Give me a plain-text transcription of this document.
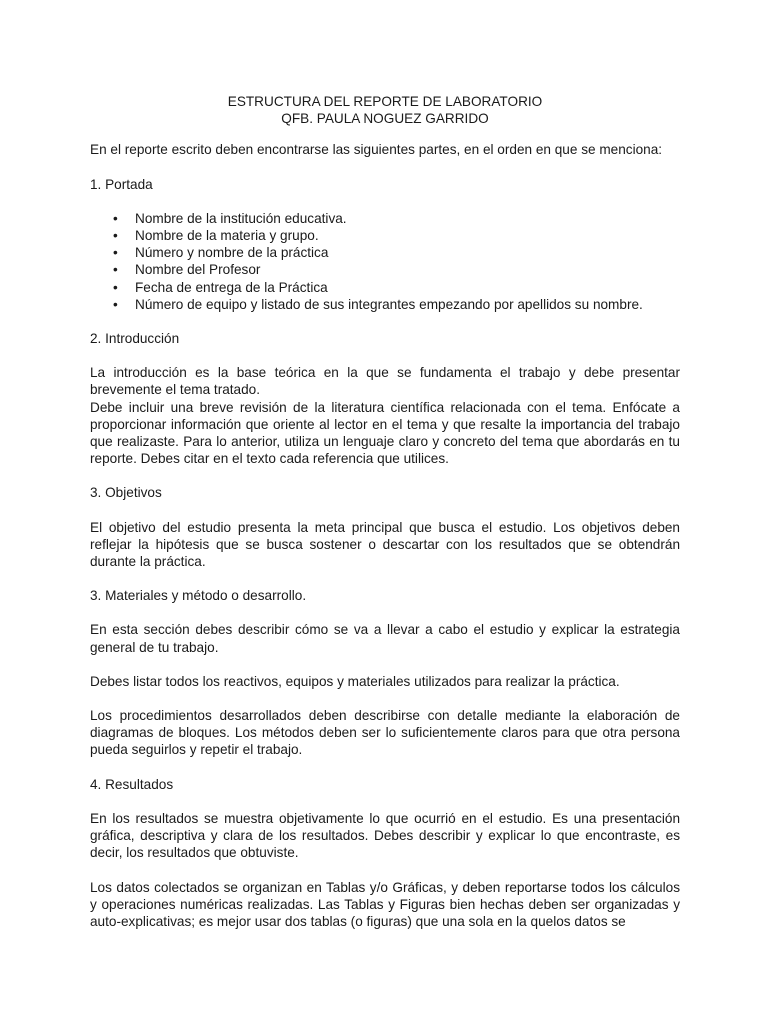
ESTRUCTURA DEL REPORTE DE LABORATORIO
QFB. PAULA NOGUEZ GARRIDO

En el reporte escrito deben encontrarse las siguientes partes, en el orden en que se menciona:

1. Portada

• Nombre de la institución educativa.
• Nombre de la materia y grupo.
• Número y nombre de la práctica
• Nombre del Profesor
• Fecha de entrega de la Práctica
• Número de equipo y listado de sus integrantes empezando por apellidos su nombre.

2. Introducción

La introducción es la base teórica en la que se fundamenta el trabajo y debe presentar brevemente el tema tratado.

Debe incluir una breve revisión de la literatura científica relacionada con el tema. Enfócate a proporcionar información que oriente al lector en el tema y que resalte la importancia del trabajo que realizaste. Para lo anterior, utiliza un lenguaje claro y concreto del tema que abordarás en tu reporte. Debes citar en el texto cada referencia que utilices.

3. Objetivos

El objetivo del estudio presenta la meta principal que busca el estudio. Los objetivos deben reflejar la hipótesis que se busca sostener o descartar con los resultados que se obtendrán durante la práctica.

3. Materiales y método o desarrollo.

En esta sección debes describir cómo se va a llevar a cabo el estudio y explicar la estrategia general de tu trabajo.

Debes listar todos los reactivos, equipos y materiales utilizados para realizar la práctica.

Los procedimientos desarrollados deben describirse con detalle mediante la elaboración de diagramas de bloques. Los métodos deben ser lo suficientemente claros para que otra persona pueda seguirlos y repetir el trabajo.

4. Resultados

En los resultados se muestra objetivamente lo que ocurrió en el estudio. Es una presentación gráfica, descriptiva y clara de los resultados. Debes describir y explicar lo que encontraste, es decir, los resultados que obtuviste.

Los datos colectados se organizan en Tablas y/o Gráficas, y deben reportarse todos los cálculos y operaciones numéricas realizadas. Las Tablas y Figuras bien hechas deben ser organizadas y auto-explicativas; es mejor usar dos tablas (o figuras) que una sola en la quelos datos se
